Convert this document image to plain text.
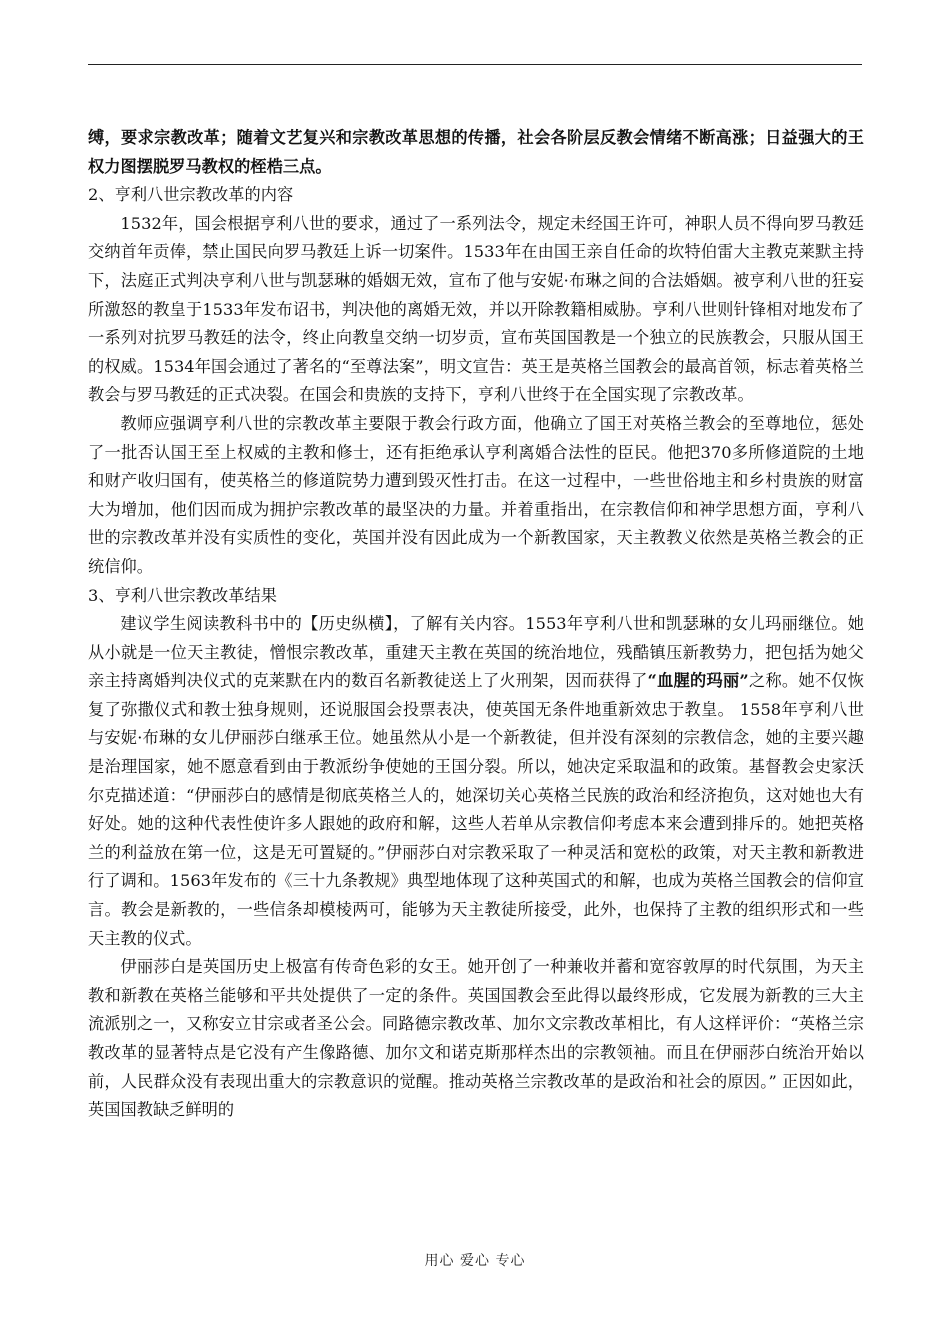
缚，要求宗教改革；随着文艺复兴和宗教改革思想的传播，社会各阶层反教会情绪不断高涨；日益强大的王权力图摆脱罗马教权的桎梏三点。

2、亨利八世宗教改革的内容

1532年，国会根据亨利八世的要求，通过了一系列法令，规定未经国王许可，神职人员不得向罗马教廷交纳首年贡俸，禁止国民向罗马教廷上诉一切案件。1533年在由国王亲自任命的坎特伯雷大主教克莱默主持下，法庭正式判决亨利八世与凯瑟琳的婚姻无效，宣布了他与安妮·布琳之间的合法婚姻。被亨利八世的狂妄所激怒的教皇于1533年发布诏书，判决他的离婚无效，并以开除教籍相威胁。亨利八世则针锋相对地发布了一系列对抗罗马教廷的法令，终止向教皇交纳一切岁贡，宣布英国国教是一个独立的民族教会，只服从国王的权威。1534年国会通过了著名的“至尊法案”，明文宣告：英王是英格兰国教会的最高首领，标志着英格兰教会与罗马教廷的正式决裂。在国会和贵族的支持下，亨利八世终于在全国实现了宗教改革。

教师应强调亨利八世的宗教改革主要限于教会行政方面，他确立了国王对英格兰教会的至尊地位，惩处了一批否认国王至上权威的主教和修士，还有拒绝承认亨利离婚合法性的臣民。他把370多所修道院的土地和财产收归国有，使英格兰的修道院势力遭到毁灭性打击。在这一过程中，一些世俗地主和乡村贵族的财富大为增加，他们因而成为拥护宗教改革的最坚决的力量。并着重指出，在宗教信仰和神学思想方面，亨利八世的宗教改革并没有实质性的变化，英国并没有因此成为一个新教国家，天主教教义依然是英格兰教会的正统信仰。

3、亨利八世宗教改革结果

建议学生阅读教科书中的【历史纵横】，了解有关内容。1553年亨利八世和凯瑟琳的女儿玛丽继位。她从小就是一位天主教徒，憎恨宗教改革，重建天主教在英国的统治地位，残酷镇压新教势力，把包括为她父亲主持离婚判决仪式的克莱默在内的数百名新教徒送上了火刑架，因而获得了“血腥的玛丽”之称。她不仅恢复了弥撒仪式和教士独身规则，还说服国会投票表决，使英国无条件地重新效忠于教皇。 1558年亨利八世与安妮·布琳的女儿伊丽莎白继承王位。她虽然从小是一个新教徒，但并没有深刻的宗教信念，她的主要兴趣是治理国家，她不愿意看到由于教派纷争使她的王国分裂。所以，她决定采取温和的政策。基督教会史家沃尔克描述道：“伊丽莎白的感情是彻底英格兰人的，她深切关心英格兰民族的政治和经济抱负，这对她也大有好处。她的这种代表性使许多人跟她的政府和解，这些人若单从宗教信仰考虑本来会遭到排斥的。她把英格兰的利益放在第一位，这是无可置疑的。”伊丽莎白对宗教采取了一种灵活和宽松的政策，对天主教和新教进行了调和。1563年发布的《三十九条教规》典型地体现了这种英国式的和解，也成为英格兰国教会的信仰宣言。教会是新教的，一些信条却模棱两可，能够为天主教徒所接受，此外，也保持了主教的组织形式和一些天主教的仪式。

伊丽莎白是英国历史上极富有传奇色彩的女王。她开创了一种兼收并蓄和宽容敦厚的时代氛围，为天主教和新教在英格兰能够和平共处提供了一定的条件。英国国教会至此得以最终形成，它发展为新教的三大主流派别之一，又称安立甘宗或者圣公会。同路德宗教改革、加尔文宗教改革相比，有人这样评价：“英格兰宗教改革的显著特点是它没有产生像路德、加尔文和诺克斯那样杰出的宗教领袖。而且在伊丽莎白统治开始以前，人民群众没有表现出重大的宗教意识的觉醒。推动英格兰宗教改革的是政治和社会的原因。” 正因如此，英国国教缺乏鲜明的

用心 爱心 专心
